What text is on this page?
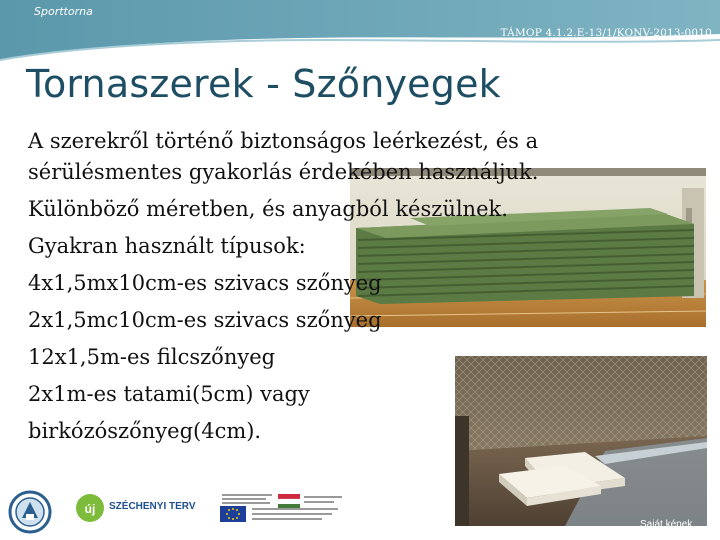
Sporttorna
TÁMOP 4.1.2.E-13/1/KONV-2013-0010
Tornaszerek - Szőnyegek
A szerekről történő biztonságos leérkezést, és a
sérülésmentes gyakorlás érdekében használjuk.
Különböző méretben, és anyagból készülnek.
Gyakran használt típusok:
4x1,5mx10cm-es szivacs szőnyeg
2x1,5mc10cm-es szivacs szőnyeg
12x1,5m-es filcszőnyeg
2x1m-es tatami(5cm) vagy
birkózószőnyeg(4cm).
Saját képek
új SZÉCHENYI TERV
